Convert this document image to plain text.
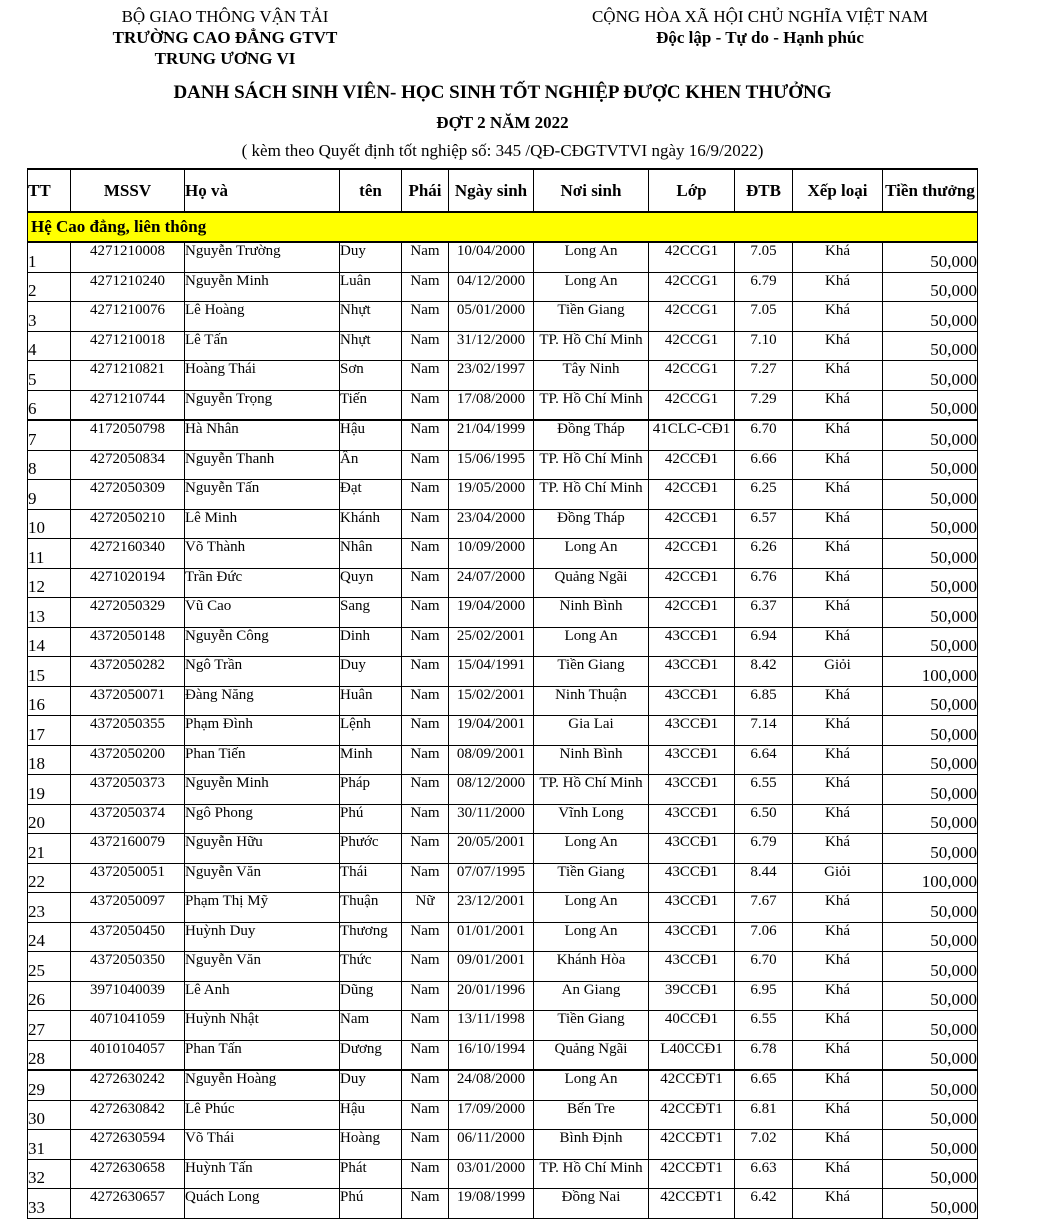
BỘ GIAO THÔNG VẬN TẢI
TRƯỜNG CAO ĐẲNG GTVT
TRUNG ƯƠNG VI
CỘNG HÒA XÃ HỘI CHỦ NGHĨA VIỆT NAM
Độc lập - Tự do - Hạnh phúc
DANH SÁCH SINH VIÊN- HỌC SINH TỐT NGHIỆP ĐƯỢC KHEN THƯỞNG
ĐỢT 2 NĂM 2022
( kèm theo Quyết định tốt nghiệp số: 345 /QĐ-CĐGTVTVI ngày 16/9/2022)
TT	MSSV	Họ và	tên	Phái	Ngày sinh	Nơi sinh	Lớp	ĐTB	Xếp loại	Tiền thưởng
Hệ Cao đẳng, liên thông										
1	4271210008	Nguyễn Trường	Duy	Nam	10/04/2000	Long An	42CCG1	7.05	Khá	50,000
2	4271210240	Nguyễn Minh	Luân	Nam	04/12/2000	Long An	42CCG1	6.79	Khá	50,000
3	4271210076	Lê Hoàng	Nhựt	Nam	05/01/2000	Tiền Giang	42CCG1	7.05	Khá	50,000
4	4271210018	Lê Tấn	Nhựt	Nam	31/12/2000	TP. Hồ Chí Minh	42CCG1	7.10	Khá	50,000
5	4271210821	Hoàng Thái	Sơn	Nam	23/02/1997	Tây Ninh	42CCG1	7.27	Khá	50,000
6	4271210744	Nguyễn Trọng	Tiến	Nam	17/08/2000	TP. Hồ Chí Minh	42CCG1	7.29	Khá	50,000
7	4172050798	Hà Nhân	Hậu	Nam	21/04/1999	Đồng Tháp	41CLC-CĐ1	6.70	Khá	50,000
8	4272050834	Nguyễn Thanh	Ân	Nam	15/06/1995	TP. Hồ Chí Minh	42CCĐ1	6.66	Khá	50,000
9	4272050309	Nguyễn Tấn	Đạt	Nam	19/05/2000	TP. Hồ Chí Minh	42CCĐ1	6.25	Khá	50,000
10	4272050210	Lê Minh	Khánh	Nam	23/04/2000	Đồng Tháp	42CCĐ1	6.57	Khá	50,000
11	4272160340	Võ Thành	Nhân	Nam	10/09/2000	Long An	42CCĐ1	6.26	Khá	50,000
12	4271020194	Trần Đức	Quyn	Nam	24/07/2000	Quảng Ngãi	42CCĐ1	6.76	Khá	50,000
13	4272050329	Vũ Cao	Sang	Nam	19/04/2000	Ninh Bình	42CCĐ1	6.37	Khá	50,000
14	4372050148	Nguyễn Công	Dinh	Nam	25/02/2001	Long An	43CCĐ1	6.94	Khá	50,000
15	4372050282	Ngô Trần	Duy	Nam	15/04/1991	Tiền Giang	43CCĐ1	8.42	Giỏi	100,000
16	4372050071	Đàng Năng	Huân	Nam	15/02/2001	Ninh Thuận	43CCĐ1	6.85	Khá	50,000
17	4372050355	Phạm Đình	Lệnh	Nam	19/04/2001	Gia Lai	43CCĐ1	7.14	Khá	50,000
18	4372050200	Phan Tiến	Minh	Nam	08/09/2001	Ninh Bình	43CCĐ1	6.64	Khá	50,000
19	4372050373	Nguyễn Minh	Pháp	Nam	08/12/2000	TP. Hồ Chí Minh	43CCĐ1	6.55	Khá	50,000
20	4372050374	Ngô Phong	Phú	Nam	30/11/2000	Vĩnh Long	43CCĐ1	6.50	Khá	50,000
21	4372160079	Nguyễn Hữu	Phước	Nam	20/05/2001	Long An	43CCĐ1	6.79	Khá	50,000
22	4372050051	Nguyễn Văn	Thái	Nam	07/07/1995	Tiền Giang	43CCĐ1	8.44	Giỏi	100,000
23	4372050097	Phạm Thị Mỹ	Thuận	Nữ	23/12/2001	Long An	43CCĐ1	7.67	Khá	50,000
24	4372050450	Huỳnh Duy	Thương	Nam	01/01/2001	Long An	43CCĐ1	7.06	Khá	50,000
25	4372050350	Nguyễn Văn	Thức	Nam	09/01/2001	Khánh Hòa	43CCĐ1	6.70	Khá	50,000
26	3971040039	Lê Anh	Dũng	Nam	20/01/1996	An Giang	39CCĐ1	6.95	Khá	50,000
27	4071041059	Huỳnh Nhật	Nam	Nam	13/11/1998	Tiền Giang	40CCĐ1	6.55	Khá	50,000
28	4010104057	Phan Tấn	Dương	Nam	16/10/1994	Quảng Ngãi	L40CCĐ1	6.78	Khá	50,000
29	4272630242	Nguyễn Hoàng	Duy	Nam	24/08/2000	Long An	42CCĐT1	6.65	Khá	50,000
30	4272630842	Lê Phúc	Hậu	Nam	17/09/2000	Bến Tre	42CCĐT1	6.81	Khá	50,000
31	4272630594	Võ Thái	Hoàng	Nam	06/11/2000	Bình Định	42CCĐT1	7.02	Khá	50,000
32	4272630658	Huỳnh Tấn	Phát	Nam	03/01/2000	TP. Hồ Chí Minh	42CCĐT1	6.63	Khá	50,000
33	4272630657	Quách Long	Phú	Nam	19/08/1999	Đồng Nai	42CCĐT1	6.42	Khá	50,000
